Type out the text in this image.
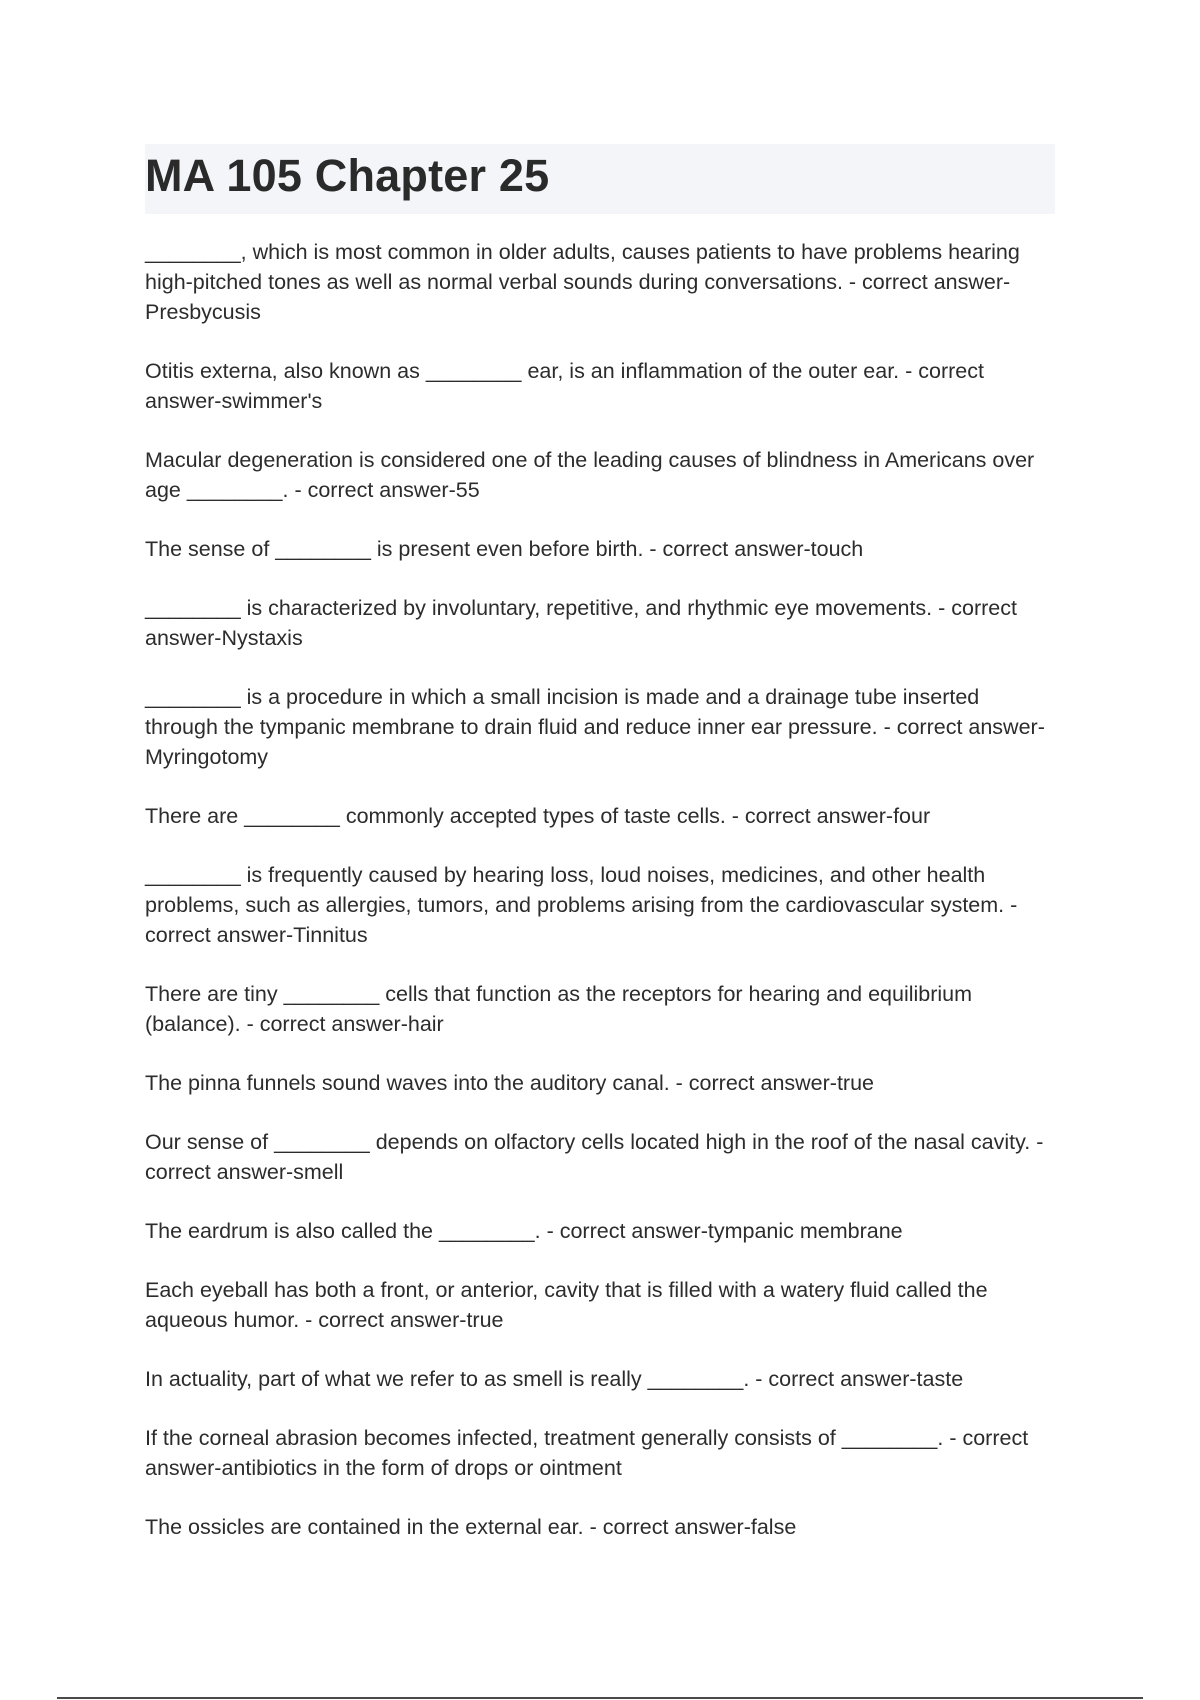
MA 105 Chapter 25

________, which is most common in older adults, causes patients to have problems hearing high-pitched tones as well as normal verbal sounds during conversations. - correct answer-Presbycusis

Otitis externa, also known as ________ ear, is an inflammation of the outer ear. - correct answer-swimmer's

Macular degeneration is considered one of the leading causes of blindness in Americans over age ________. - correct answer-55

The sense of ________ is present even before birth. - correct answer-touch

________ is characterized by involuntary, repetitive, and rhythmic eye movements. - correct answer-Nystaxis

________ is a procedure in which a small incision is made and a drainage tube inserted through the tympanic membrane to drain fluid and reduce inner ear pressure. - correct answer-Myringotomy

There are ________ commonly accepted types of taste cells. - correct answer-four

________ is frequently caused by hearing loss, loud noises, medicines, and other health problems, such as allergies, tumors, and problems arising from the cardiovascular system. - correct answer-Tinnitus

There are tiny ________ cells that function as the receptors for hearing and equilibrium (balance). - correct answer-hair

The pinna funnels sound waves into the auditory canal. - correct answer-true

Our sense of ________ depends on olfactory cells located high in the roof of the nasal cavity. - correct answer-smell

The eardrum is also called the ________. - correct answer-tympanic membrane

Each eyeball has both a front, or anterior, cavity that is filled with a watery fluid called the aqueous humor. - correct answer-true

In actuality, part of what we refer to as smell is really ________. - correct answer-taste

If the corneal abrasion becomes infected, treatment generally consists of ________. - correct answer-antibiotics in the form of drops or ointment

The ossicles are contained in the external ear. - correct answer-false
